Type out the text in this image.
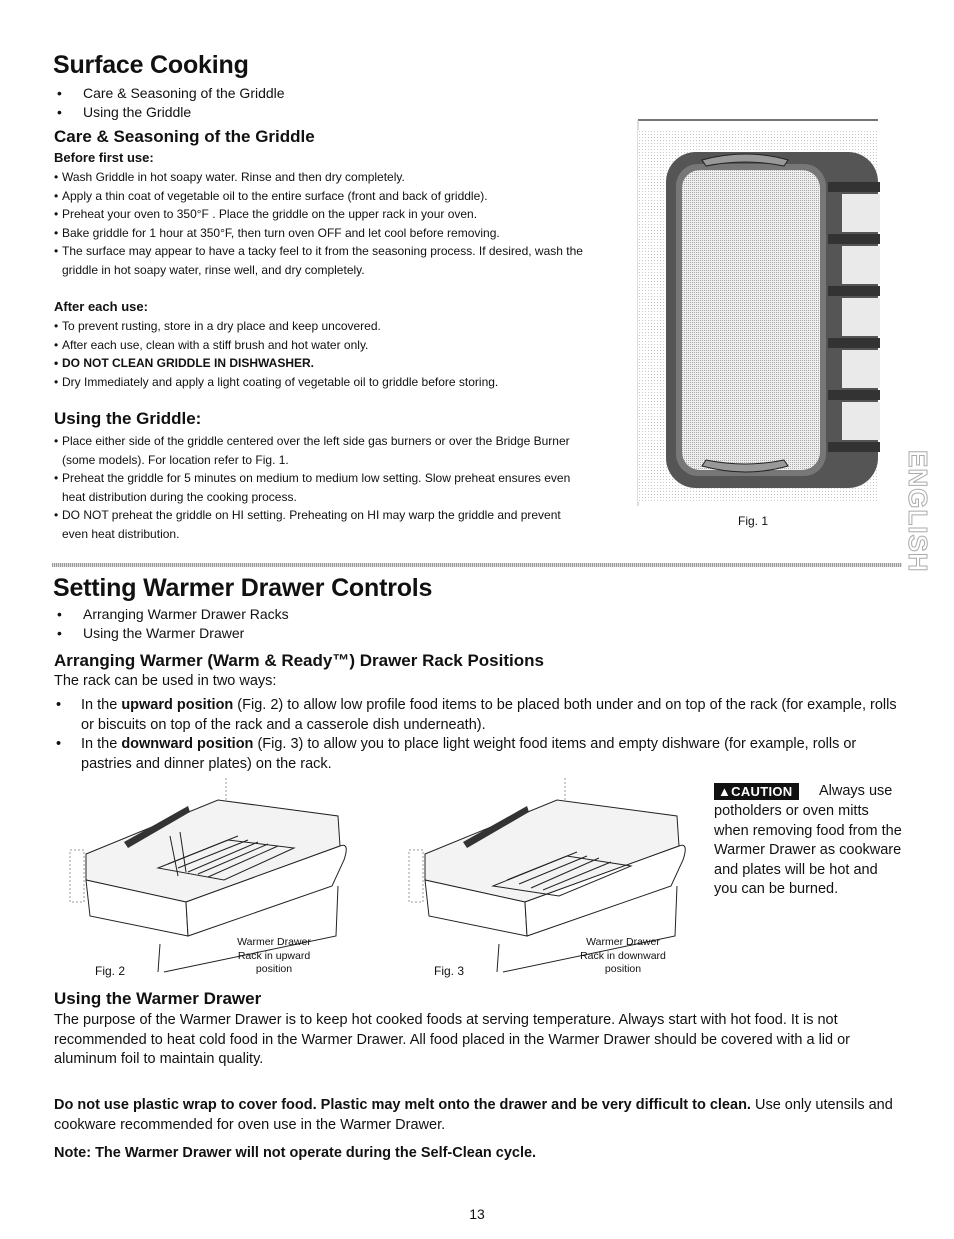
Surface Cooking
• Care & Seasoning of the Griddle
• Using the Griddle
Care & Seasoning of the Griddle
Before first use:
• Wash Griddle in hot soapy water. Rinse and then dry completely.
• Apply a thin coat of vegetable oil to the entire surface (front and back of griddle).
• Preheat your oven to 350°F . Place the griddle on the upper rack in your oven.
• Bake griddle for 1 hour at 350°F, then turn oven OFF and let cool before removing.
• The surface may appear to have a tacky feel to it from the seasoning process. If desired, wash the griddle in hot soapy water, rinse well, and dry completely.
After each use:
• To prevent rusting, store in a dry place and keep uncovered.
• After each use, clean with a stiff brush and hot water only.
• DO NOT CLEAN GRIDDLE IN DISHWASHER.
• Dry Immediately and apply a light coating of vegetable oil to griddle before storing.
Using the Griddle:
• Place either side of the griddle centered over the left side gas burners or over the Bridge Burner (some models). For location refer to Fig. 1.
• Preheat the griddle for 5 minutes on medium to medium low setting. Slow preheat ensures even heat distribution during the cooking process.
• DO NOT preheat the griddle on HI setting. Preheating on HI may warp the griddle and prevent even heat distribution.
Fig. 1	ENGLISH
Setting Warmer Drawer Controls
• Arranging Warmer Drawer Racks
• Using the Warmer Drawer
Arranging Warmer (Warm & Ready™) Drawer Rack Positions

The rack can be used in two ways:

• In the upward position (Fig. 2) to allow low profile food items to be placed both under and on top of the rack (for example, rolls or biscuits on top of the rack and a casserole dish underneath).
• In the downward position (Fig. 3) to allow you to place light weight food items and empty dishware (for example, rolls or pastries and dinner plates) on the rack.
Fig. 2
Warmer Drawer
Rack in upward
position	Fig. 3
Warmer Drawer
Rack in downward
position
▲CAUTION	Always use
potholders or oven mitts when removing food from the Warmer Drawer as cookware and plates will be hot and you can be burned.
Using the Warmer Drawer

The purpose of the Warmer Drawer is to keep hot cooked foods at serving temperature. Always start with hot food. It is not recommended to heat cold food in the Warmer Drawer. All food placed in the Warmer Drawer should be covered with a lid or aluminum foil to maintain quality.

Do not use plastic wrap to cover food. Plastic may melt onto the drawer and be very difficult to clean. Use only utensils and cookware recommended for oven use in the Warmer Drawer.

Note: The Warmer Drawer will not operate during the Self-Clean cycle.

13
